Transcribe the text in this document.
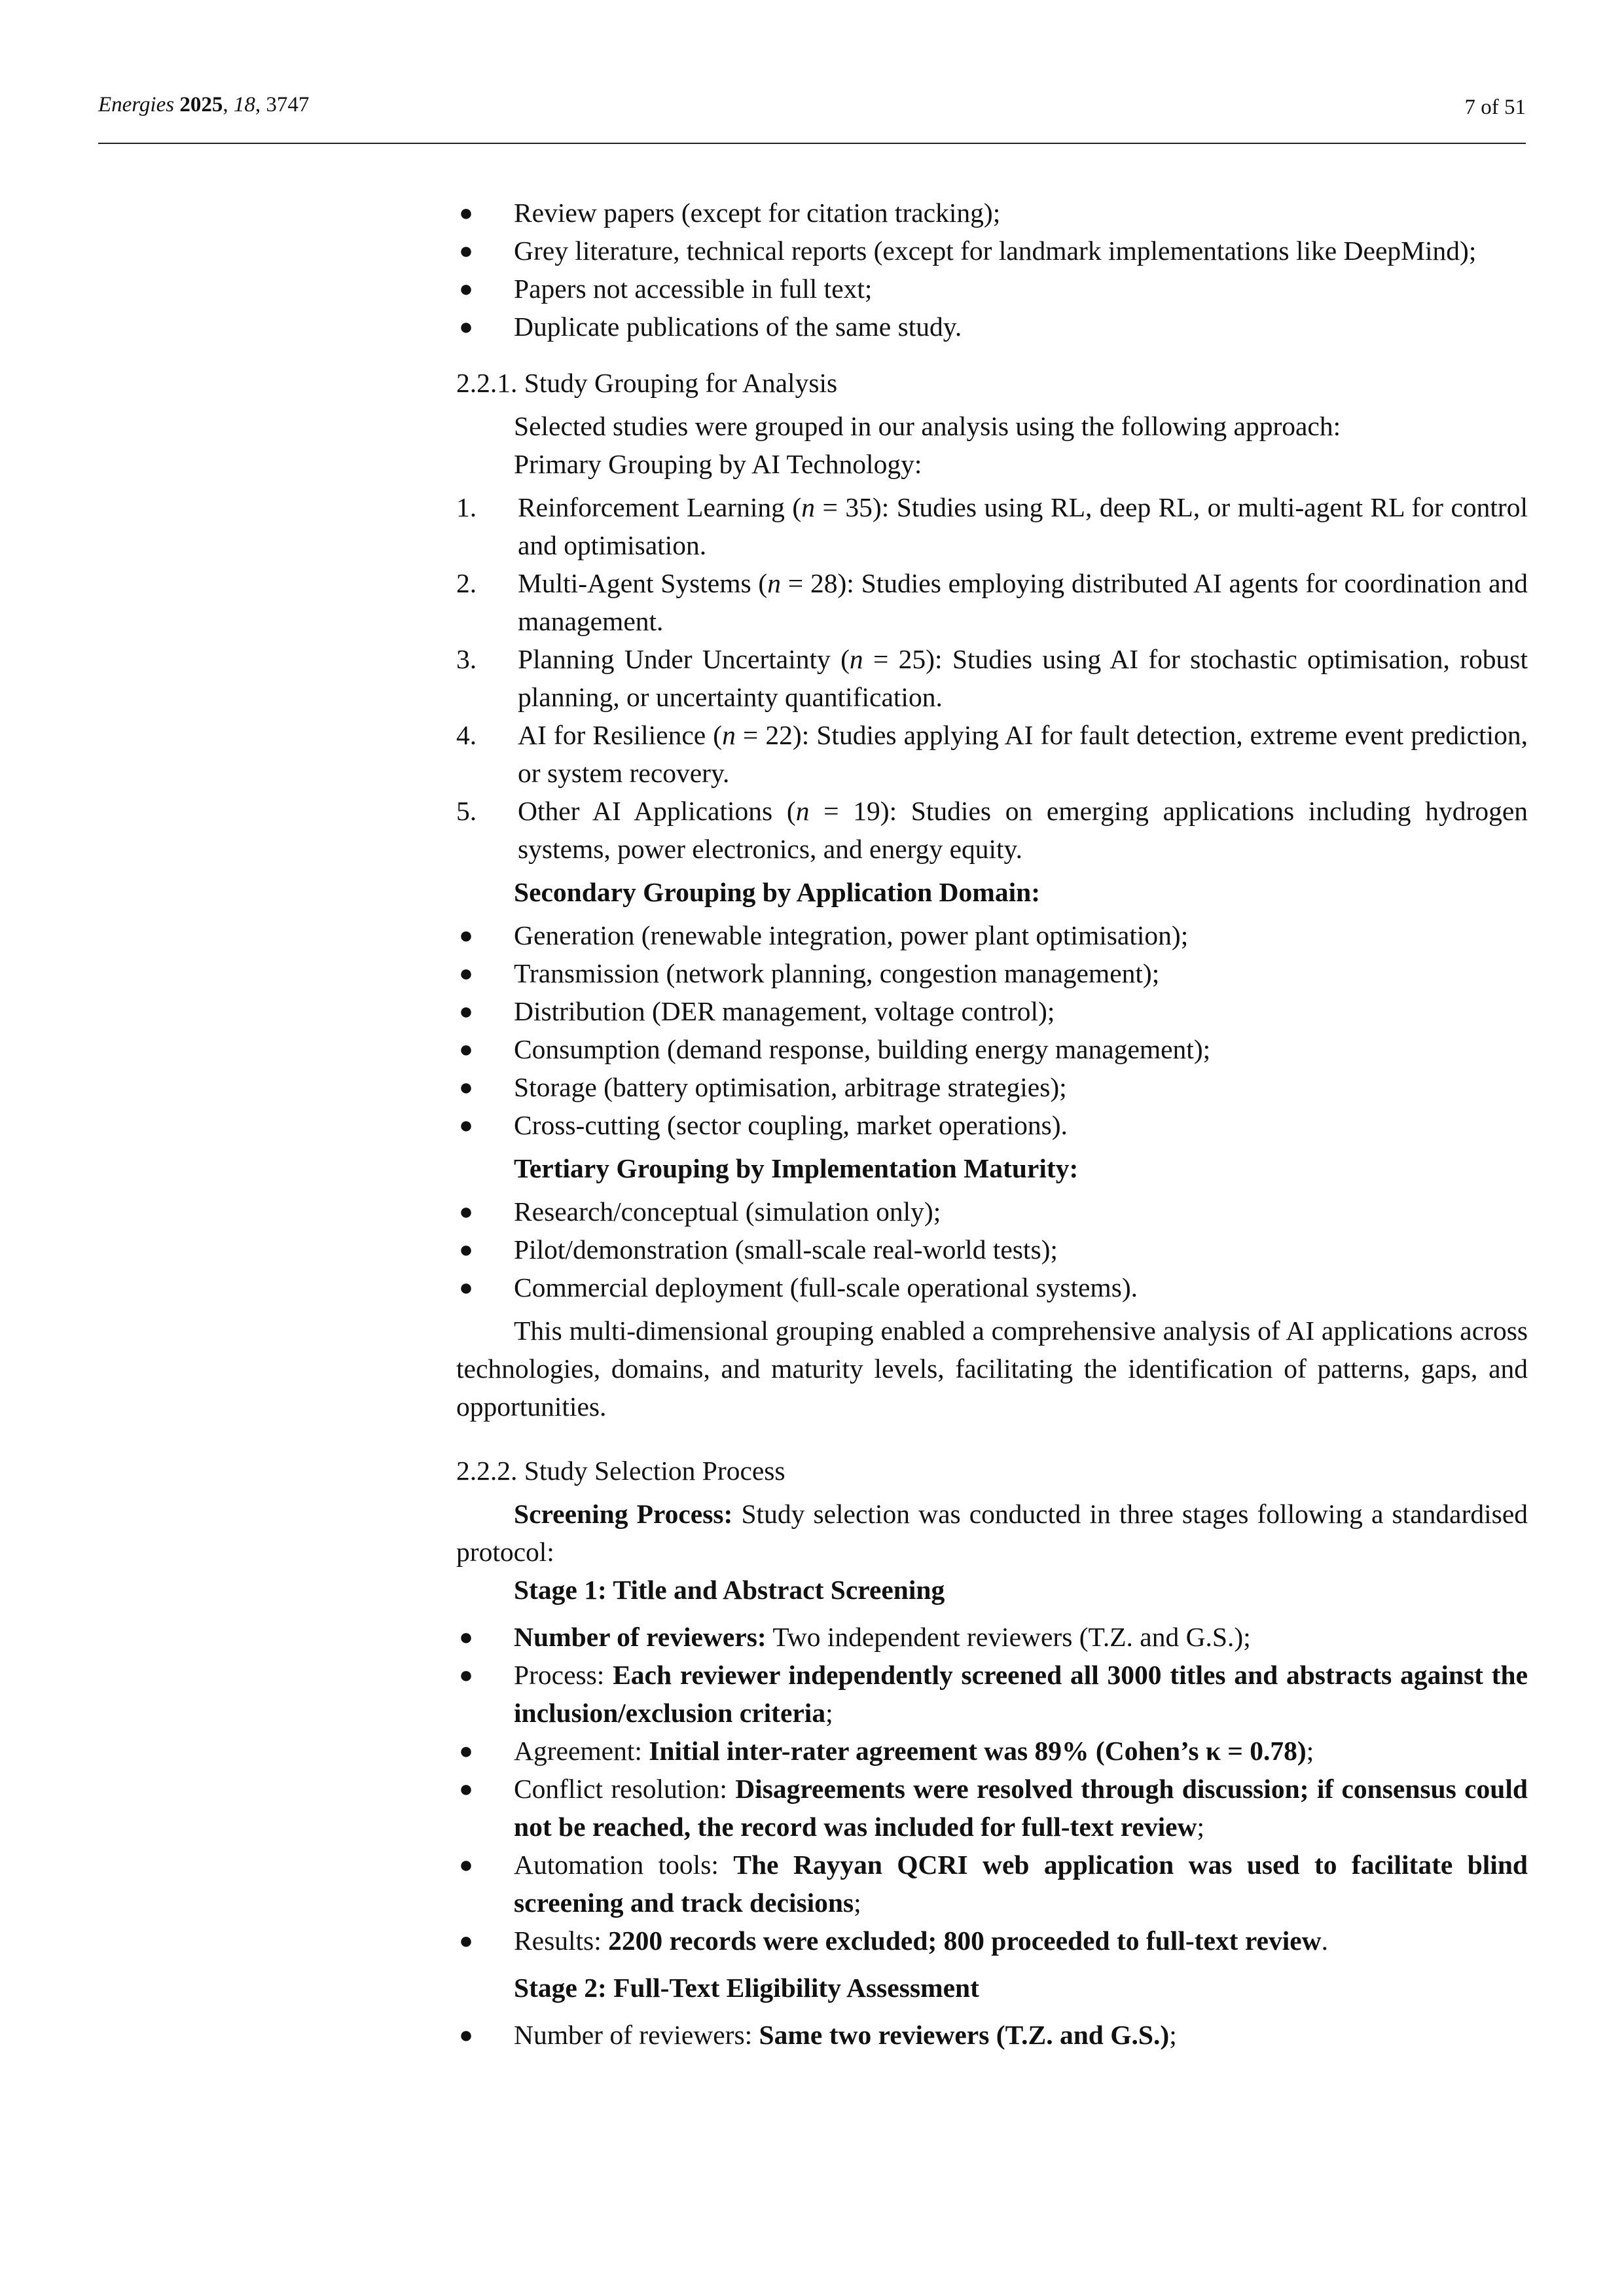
Energies 2025, 18, 3747	7 of 51
● Review papers (except for citation tracking);
● Grey literature, technical reports (except for landmark implementations like DeepMind);
● Papers not accessible in full text;
● Duplicate publications of the same study.
2.2.1. Study Grouping for Analysis
Selected studies were grouped in our analysis using the following approach:
Primary Grouping by AI Technology:
1. Reinforcement Learning (n = 35): Studies using RL, deep RL, or multi-agent RL for control and optimisation.
2. Multi-Agent Systems (n = 28): Studies employing distributed AI agents for coordination and management.
3. Planning Under Uncertainty (n = 25): Studies using AI for stochastic optimisation, robust planning, or uncertainty quantification.
4. AI for Resilience (n = 22): Studies applying AI for fault detection, extreme event prediction, or system recovery.
5. Other AI Applications (n = 19): Studies on emerging applications including hydrogen systems, power electronics, and energy equity.
Secondary Grouping by Application Domain:
● Generation (renewable integration, power plant optimisation);
● Transmission (network planning, congestion management);
● Distribution (DER management, voltage control);
● Consumption (demand response, building energy management);
● Storage (battery optimisation, arbitrage strategies);
● Cross-cutting (sector coupling, market operations).
Tertiary Grouping by Implementation Maturity:
● Research/conceptual (simulation only);
● Pilot/demonstration (small-scale real-world tests);
● Commercial deployment (full-scale operational systems).
This multi-dimensional grouping enabled a comprehensive analysis of AI applications across technologies, domains, and maturity levels, facilitating the identification of patterns, gaps, and opportunities.
2.2.2. Study Selection Process
Screening Process: Study selection was conducted in three stages following a standardised protocol:
Stage 1: Title and Abstract Screening
● Number of reviewers: Two independent reviewers (T.Z. and G.S.);
● Process: Each reviewer independently screened all 3000 titles and abstracts against the inclusion/exclusion criteria;
● Agreement: Initial inter-rater agreement was 89% (Cohen’s κ = 0.78);
● Conflict resolution: Disagreements were resolved through discussion; if consensus could not be reached, the record was included for full-text review;
● Automation tools: The Rayyan QCRI web application was used to facilitate blind screening and track decisions;
● Results: 2200 records were excluded; 800 proceeded to full-text review.
Stage 2: Full-Text Eligibility Assessment
● Number of reviewers: Same two reviewers (T.Z. and G.S.);
